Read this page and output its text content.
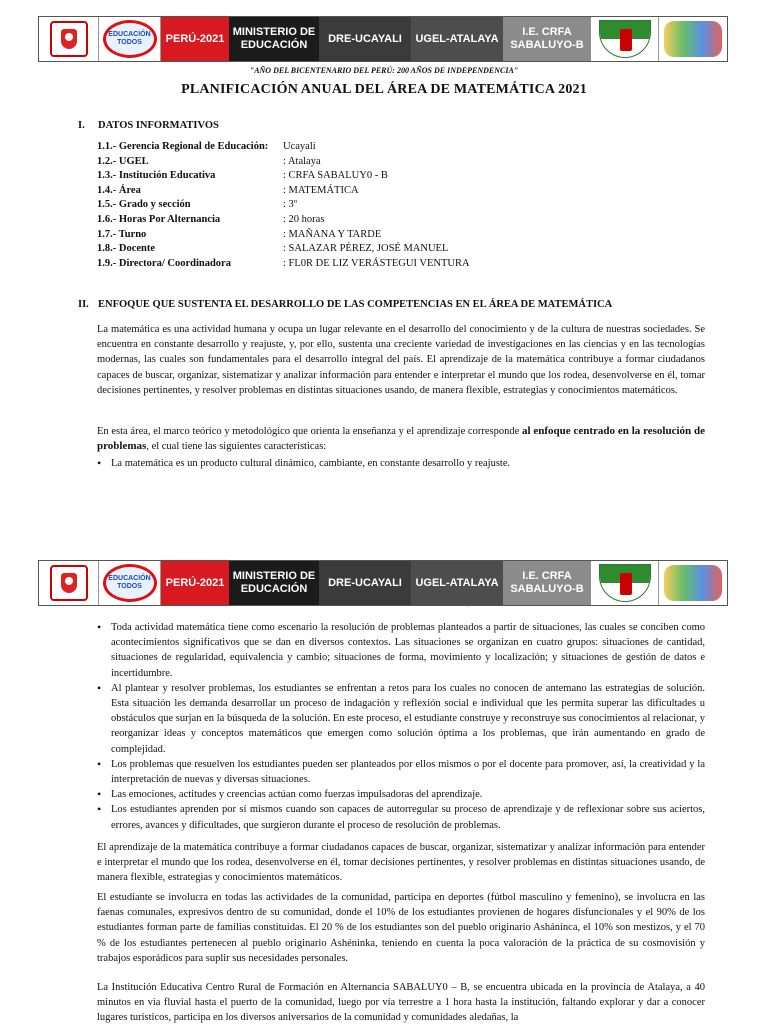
EDUCACIÓN TODOS	PERÚ-2021
MINISTERIO DE EDUCACIÓN
DRE-UCAYALI	UGEL-ATALAYA
I.E. CRFA SABALUYO-B
"AÑO DEL BICENTENARIO DEL PERÚ: 200 AÑOS DE INDEPENDENCIA"
PLANIFICACIÓN ANUAL DEL ÁREA DE MATEMÁTICA 2021
I. DATOS INFORMATIVOS
1.1.- Gerencia Regional de Educación:	Ucayali
1.2.- UGEL	: Atalaya
1.3.- Institución Educativa	: CRFA SABALUY0 - B
1.4.- Área	: MATEMÁTICA
1.5.- Grado y sección	: 3º
1.6.- Horas Por Alternancia	: 20 horas
1.7.- Turno	: MAÑANA Y TARDE
1.8.- Docente	: SALAZAR PÉREZ, JOSÉ MANUEL
1.9.- Directora/ Coordinadora	: FL0R DE LIZ VERÁSTEGUI VENTURA
II. ENFOQUE QUE SUSTENTA EL DESARROLLO DE LAS COMPETENCIAS EN EL ÁREA DE MATEMÁTICA

La matemática es una actividad humana y ocupa un lugar relevante en el desarrollo del conocimiento y de la cultura de nuestras sociedades. Se encuentra en constante desarrollo y reajuste, y, por ello, sustenta una creciente variedad de investigaciones en las ciencias y en las tecnologías modernas, las cuales son fundamentales para el desarrollo integral del país. El aprendizaje de la matemática contribuye a formar ciudadanos capaces de buscar, organizar, sistematizar y analizar información para entender e interpretar el mundo que los rodea, desenvolverse en él, tomar decisiones pertinentes, y resolver problemas en distintas situaciones usando, de manera flexible, estrategias y conocimientos matemáticos.

En esta área, el marco teórico y metodológico que orienta la enseñanza y el aprendizaje corresponde al enfoque centrado en la resolución de problemas, el cual tiene las siguientes características:

• La matemática es un producto cultural dinámico, cambiante, en constante desarrollo y reajuste.
EDUCACIÓN TODOS	PERÚ-2021
MINISTERIO DE EDUCACIÓN
DRE-UCAYALI	UGEL-ATALAYA
I.E. CRFA SABALUYO-B
·
• Toda actividad matemática tiene como escenario la resolución de problemas planteados a partir de situaciones, las cuales se conciben como acontecimientos significativos que se dan en diversos contextos. Las situaciones se organizan en cuatro grupos: situaciones de cantidad, situaciones de regularidad, equivalencia y cambio; situaciones de forma, movimiento y localización; y situaciones de gestión de datos e incertidumbre.
• Al plantear y resolver problemas, los estudiantes se enfrentan a retos para los cuales no conocen de antemano las estrategias de solución. Esta situación les demanda desarrollar un proceso de indagación y reflexión social e individual que les permita superar las dificultades u obstáculos que surjan en la búsqueda de la solución. En este proceso, el estudiante construye y reconstruye sus conocimientos al relacionar, y reorganizar ideas y conceptos matemáticos que emergen como solución óptima a los problemas, que irán aumentando en grado de complejidad.
• Los problemas que resuelven los estudiantes pueden ser planteados por ellos mismos o por el docente para promover, así, la creatividad y la interpretación de nuevas y diversas situaciones.
• Las emociones, actitudes y creencias actúan como fuerzas impulsadoras del aprendizaje.
• Los estudiantes aprenden por sí mismos cuando son capaces de autorregular su proceso de aprendizaje y de reflexionar sobre sus aciertos, errores, avances y dificultades, que surgieron durante el proceso de resolución de problemas.

El aprendizaje de la matemática contribuye a formar ciudadanos capaces de buscar, organizar, sistematizar y analizar información para entender e interpretar el mundo que los rodea, desenvolverse en él, tomar decisiones pertinentes, y resolver problemas en distintas situaciones usando, de manera flexible, estrategias y conocimientos matemáticos.

El estudiante se involucra en todas las actividades de la comunidad, participa en deportes (fútbol masculino y femenino), se involucra en las faenas comunales, expresivos dentro de su comunidad, donde el 10% de los estudiantes provienen de hogares disfuncionales y el 90% de los estudiantes forman parte de familias constituidas. El 20 % de los estudiantes son del pueblo originario Ashánínca, el 10% son mestizos, y el 70 % de los estudiantes pertenecen al pueblo originario Ashéninka, teniendo en cuenta la poca valoración de la práctica de su cosmovisión y trabajos esporádicos para suplir sus necesidades personales.

La Institución Educativa Centro Rural de Formación en Alternancia SABALUY0 – B, se encuentra ubicada en la provincia de Atalaya, a 40 minutos en vía fluvial hasta el puerto de la comunidad, luego por vía terrestre a 1 hora hasta la institución, faltando explorar y dar a conocer lugares turísticos, participa en los diversos aniversarios de la comunidad y comunidades aledañas, la
